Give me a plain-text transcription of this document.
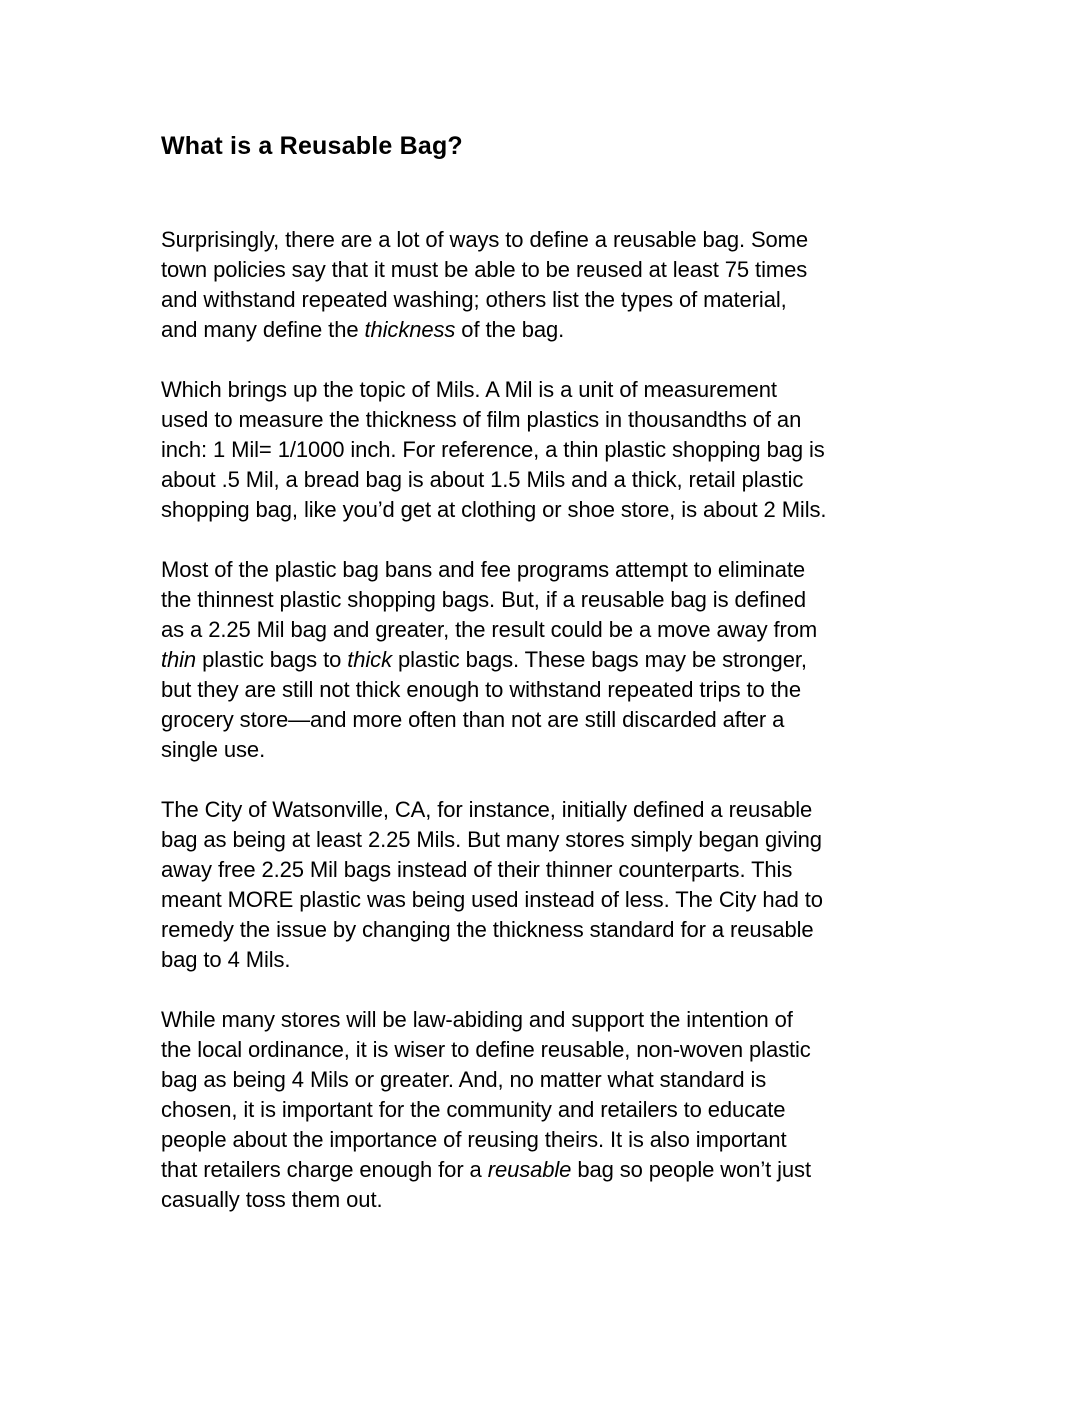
What is a Reusable Bag?

Surprisingly, there are a lot of ways to define a reusable bag. Some
town policies say that it must be able to be reused at least 75 times
and withstand repeated washing; others list the types of material,
and many define the thickness of the bag.

Which brings up the topic of Mils. A Mil is a unit of measurement
used to measure the thickness of film plastics in thousandths of an
inch: 1 Mil= 1/1000 inch. For reference, a thin plastic shopping bag is
about .5 Mil, a bread bag is about 1.5 Mils and a thick, retail plastic
shopping bag, like you’d get at clothing or shoe store, is about 2 Mils.

Most of the plastic bag bans and fee programs attempt to eliminate
the thinnest plastic shopping bags. But, if a reusable bag is defined
as a 2.25 Mil bag and greater, the result could be a move away from
thin plastic bags to thick plastic bags. These bags may be stronger,
but they are still not thick enough to withstand repeated trips to the
grocery store—and more often than not are still discarded after a
single use.

The City of Watsonville, CA, for instance, initially defined a reusable
bag as being at least 2.25 Mils. But many stores simply began giving
away free 2.25 Mil bags instead of their thinner counterparts. This
meant MORE plastic was being used instead of less. The City had to
remedy the issue by changing the thickness standard for a reusable
bag to 4 Mils.

While many stores will be law-abiding and support the intention of
the local ordinance, it is wiser to define reusable, non-woven plastic
bag as being 4 Mils or greater. And, no matter what standard is
chosen, it is important for the community and retailers to educate
people about the importance of reusing theirs. It is also important
that retailers charge enough for a reusable bag so people won’t just
casually toss them out.
